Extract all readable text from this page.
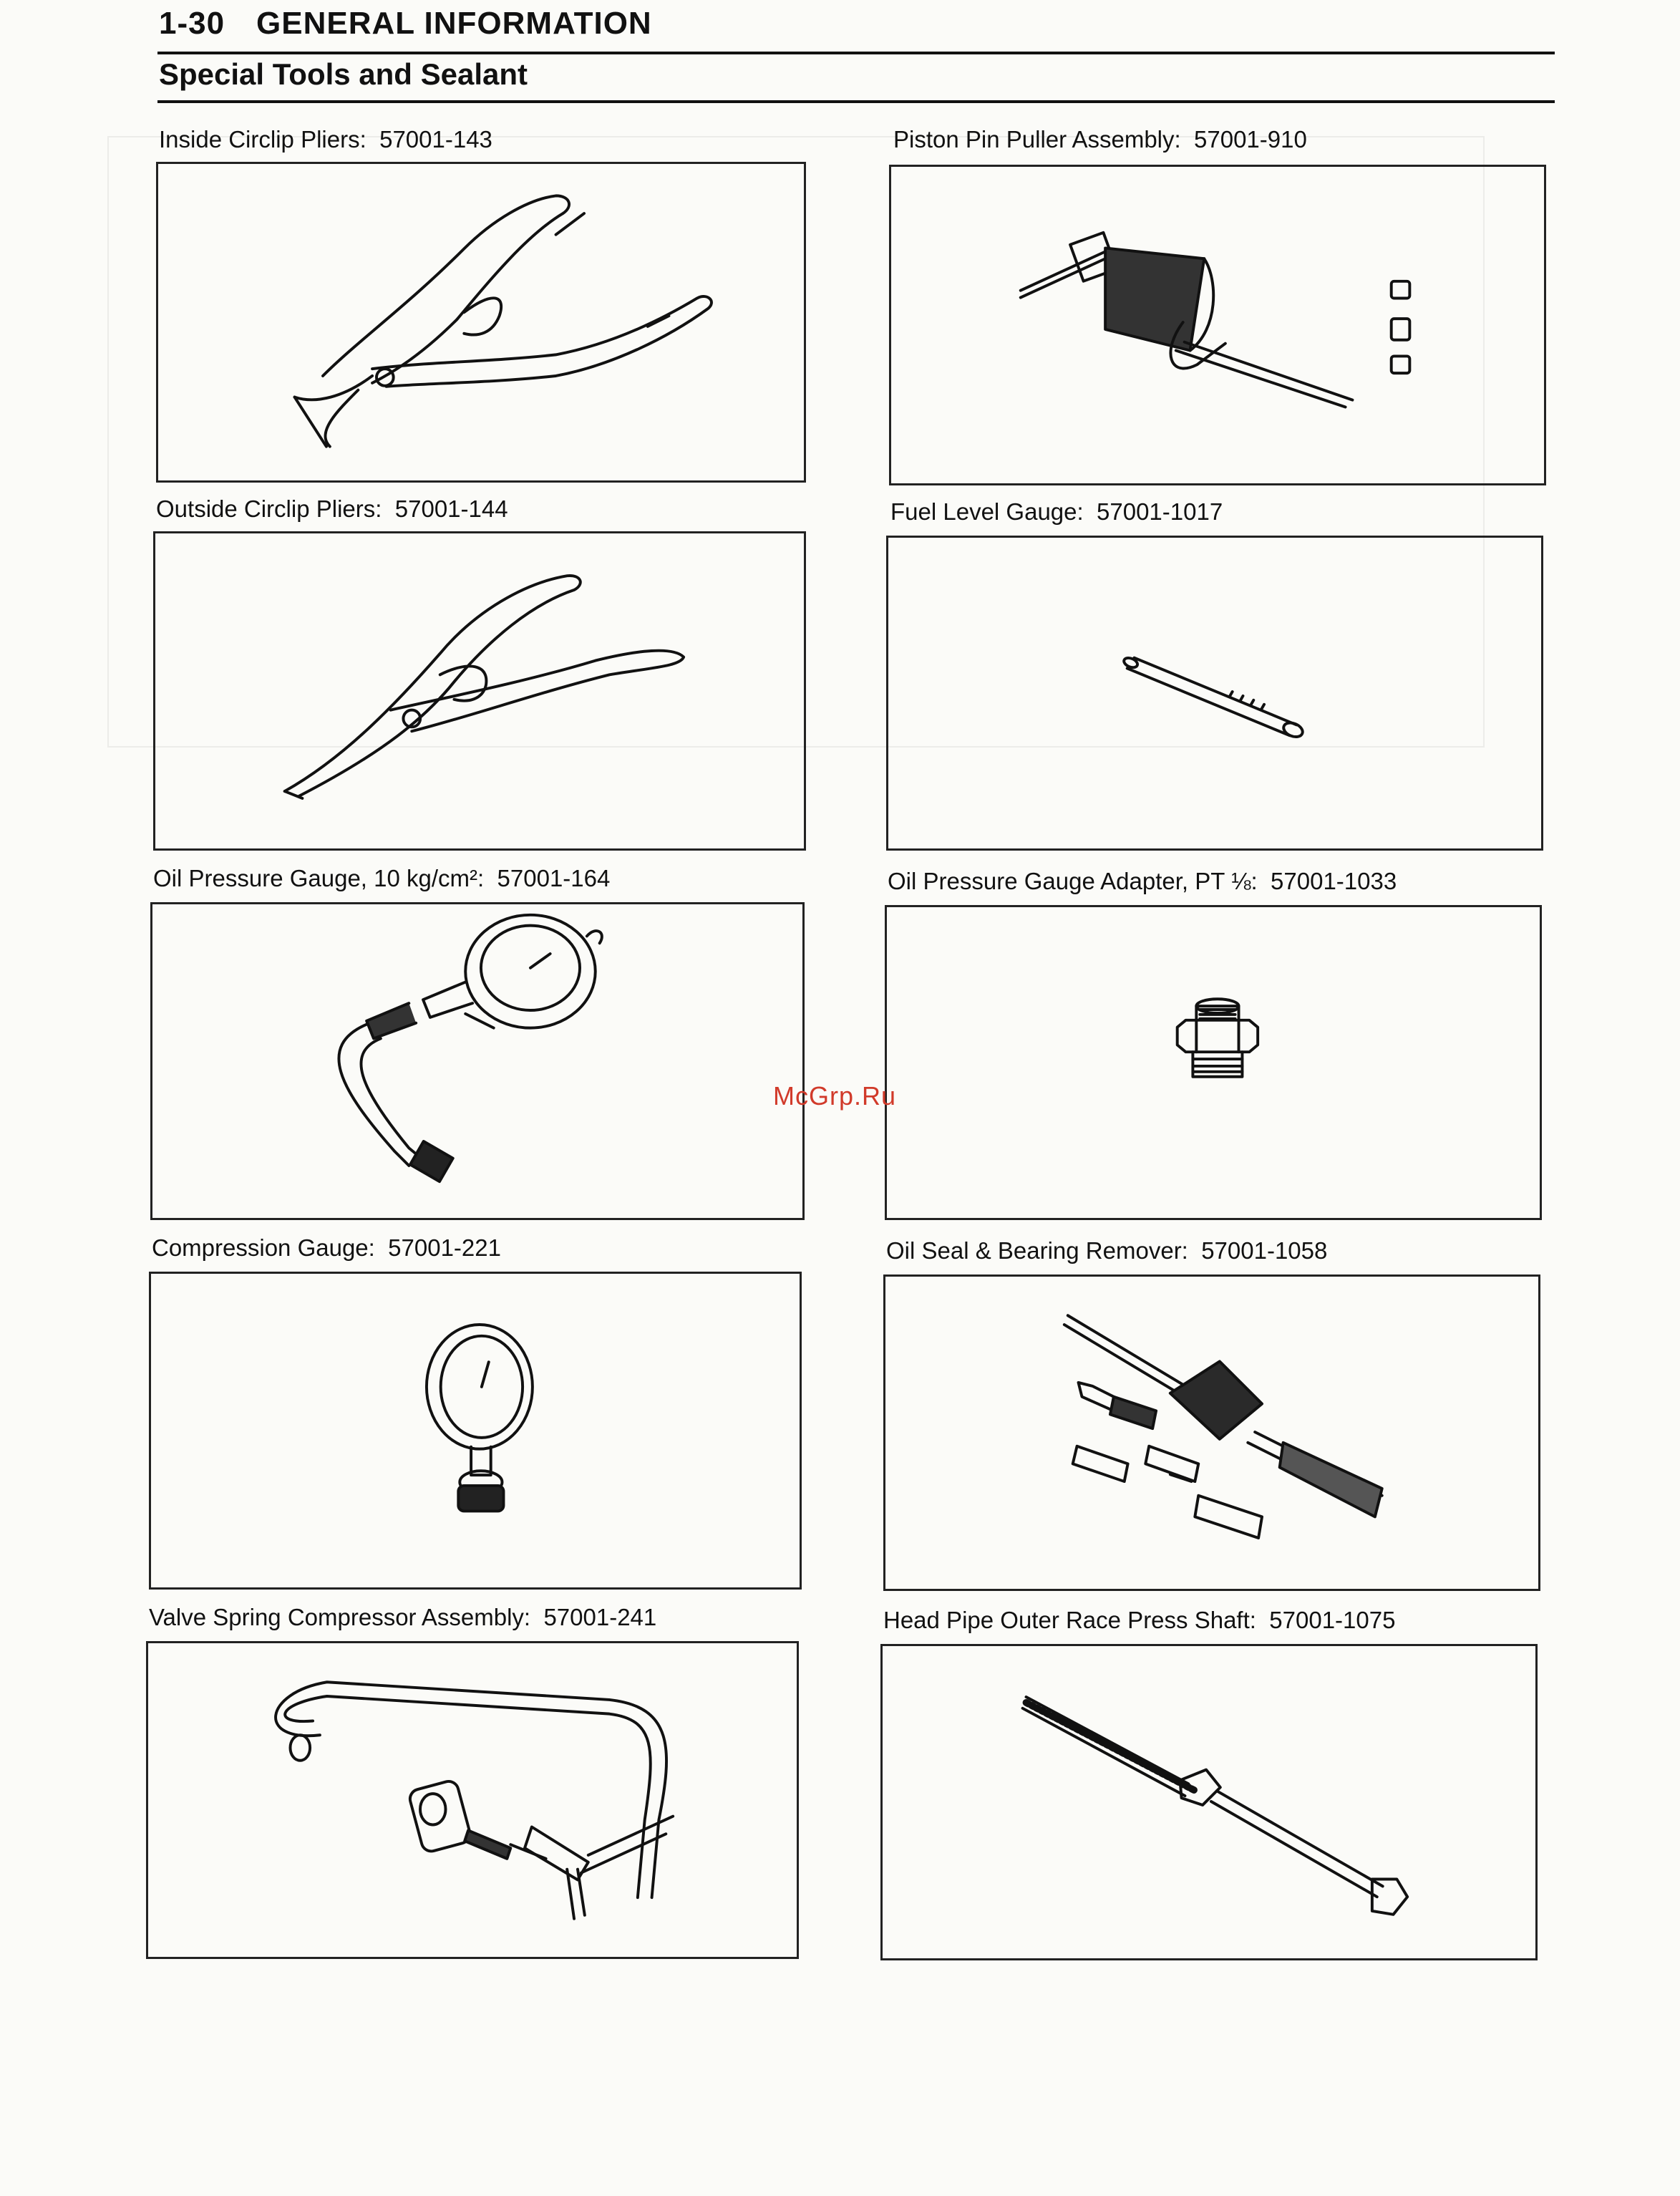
1-30 GENERAL INFORMATION
Special Tools and Sealant
Inside Circlip Pliers: 57001-143	Piston Pin Puller Assembly: 57001-910
Outside Circlip Pliers: 57001-144	Fuel Level Gauge: 57001-1017
Oil Pressure Gauge, 10 kg/cm²: 57001-164	Oil Pressure Gauge Adapter, PT ⅛: 57001-1033
Compression Gauge: 57001-221	Oil Seal & Bearing Remover: 57001-1058
Valve Spring Compressor Assembly: 57001-241	Head Pipe Outer Race Press Shaft: 57001-1075
McGrp.Ru
